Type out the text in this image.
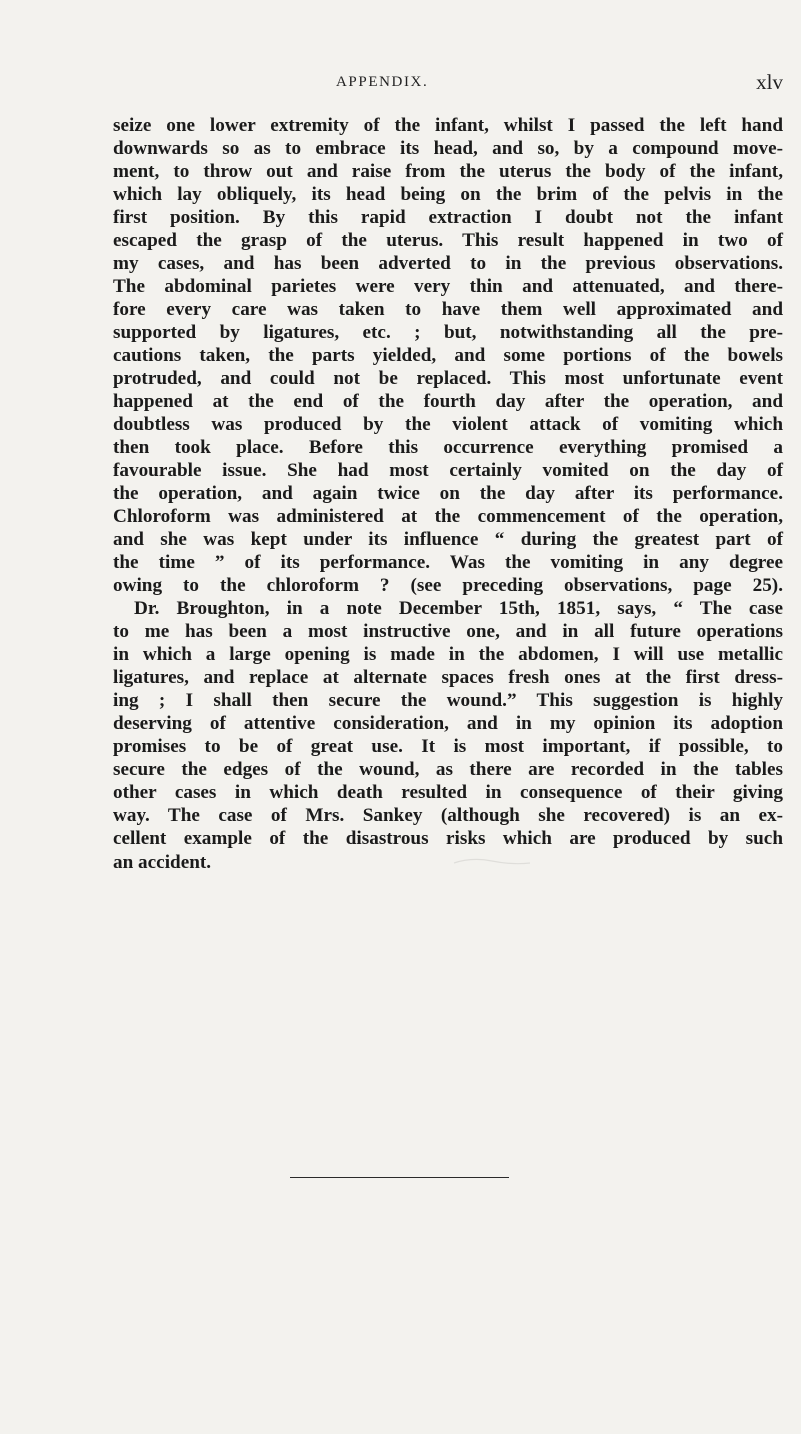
APPENDIX.	xlv
seize one lower extremity of the infant, whilst I passed the left hand
downwards so as to embrace its head, and so, by a compound move-
ment, to throw out and raise from the uterus the body of the infant,
which lay obliquely, its head being on the brim of the pelvis in the
first position. By this rapid extraction I doubt not the infant
escaped the grasp of the uterus. This result happened in two of
my cases, and has been adverted to in the previous observations.
The abdominal parietes were very thin and attenuated, and there-
fore every care was taken to have them well approximated and
supported by ligatures, etc. ; but, notwithstanding all the pre-
cautions taken, the parts yielded, and some portions of the bowels
protruded, and could not be replaced. This most unfortunate event
happened at the end of the fourth day after the operation, and
doubtless was produced by the violent attack of vomiting which
then took place. Before this occurrence everything promised a
favourable issue. She had most certainly vomited on the day of
the operation, and again twice on the day after its performance.
Chloroform was administered at the commencement of the operation,
and she was kept under its influence “ during the greatest part of
the time ” of its performance. Was the vomiting in any degree
owing to the chloroform ? (see preceding observations, page 25).
Dr. Broughton, in a note December 15th, 1851, says, “ The case
to me has been a most instructive one, and in all future operations
in which a large opening is made in the abdomen, I will use metallic
ligatures, and replace at alternate spaces fresh ones at the first dress-
ing ; I shall then secure the wound.” This suggestion is highly
deserving of attentive consideration, and in my opinion its adoption
promises to be of great use. It is most important, if possible, to
secure the edges of the wound, as there are recorded in the tables
other cases in which death resulted in consequence of their giving
way. The case of Mrs. Sankey (although she recovered) is an ex-
cellent example of the disastrous risks which are produced by such
an accident.
